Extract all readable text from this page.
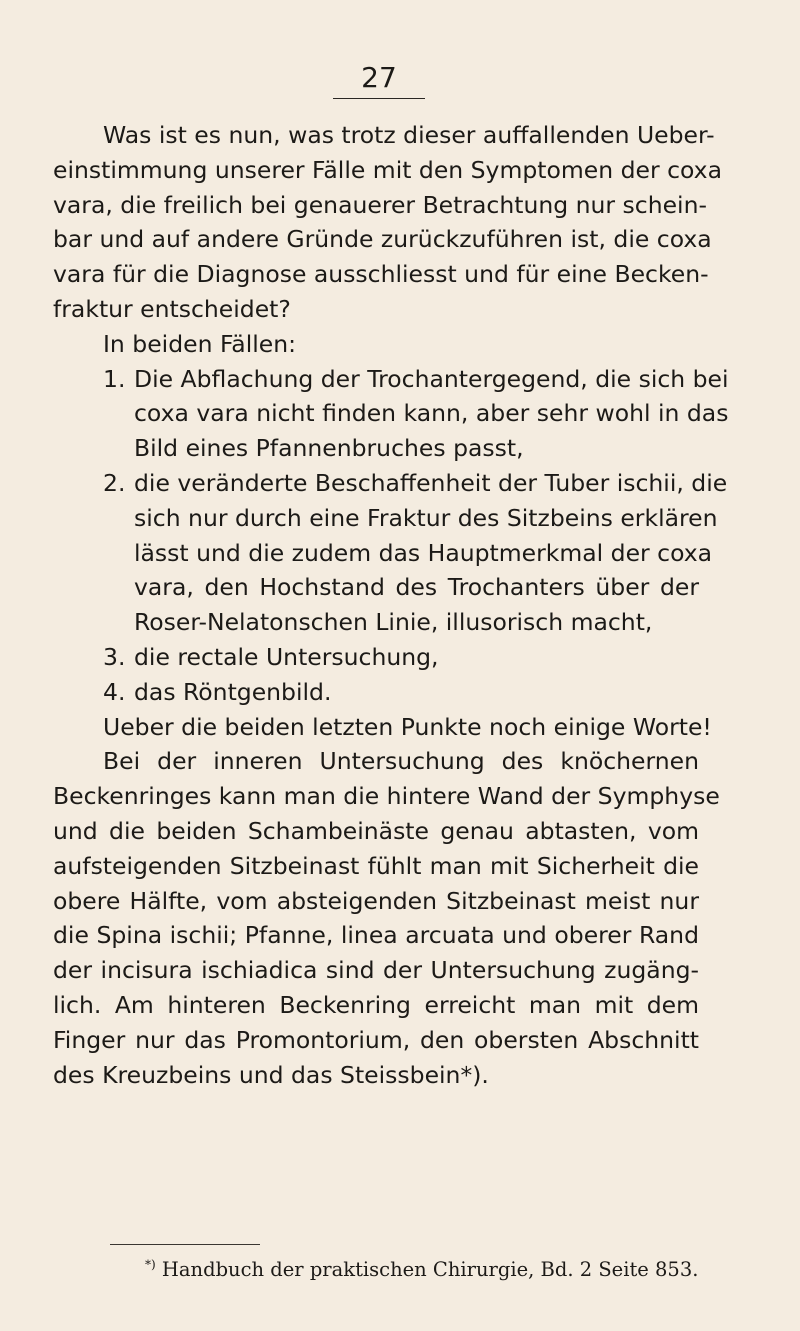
27
Was ist es nun, was trotz dieser auffallenden Ueber-
einstimmung unserer Fälle mit den Symptomen der coxa
vara, die freilich bei genauerer Betrachtung nur schein-
bar und auf andere Gründe zurückzuführen ist, die coxa
vara für die Diagnose ausschliesst und für eine Becken-
fraktur entscheidet?
In beiden Fällen:
1. Die Abflachung der Trochantergegend, die sich bei
coxa vara nicht finden kann, aber sehr wohl in das
Bild eines Pfannenbruches passt,
2. die veränderte Beschaffenheit der Tuber ischii, die
sich nur durch eine Fraktur des Sitzbeins erklären
lässt und die zudem das Hauptmerkmal der coxa
vara, den Hochstand des Trochanters über der
Roser-Nelatonschen Linie, illusorisch macht,
3. die rectale Untersuchung,
4. das Röntgenbild.
Ueber die beiden letzten Punkte noch einige Worte!
Bei der inneren Untersuchung des knöchernen
Beckenringes kann man die hintere Wand der Symphyse
und die beiden Schambeinäste genau abtasten, vom
aufsteigenden Sitzbeinast fühlt man mit Sicherheit die
obere Hälfte, vom absteigenden Sitzbeinast meist nur
die Spina ischii; Pfanne, linea arcuata und oberer Rand
der incisura ischiadica sind der Untersuchung zugäng-
lich. Am hinteren Beckenring erreicht man mit dem
Finger nur das Promontorium, den obersten Abschnitt
des Kreuzbeins und das Steissbein*).
*) Handbuch der praktischen Chirurgie, Bd. 2 Seite 853.
